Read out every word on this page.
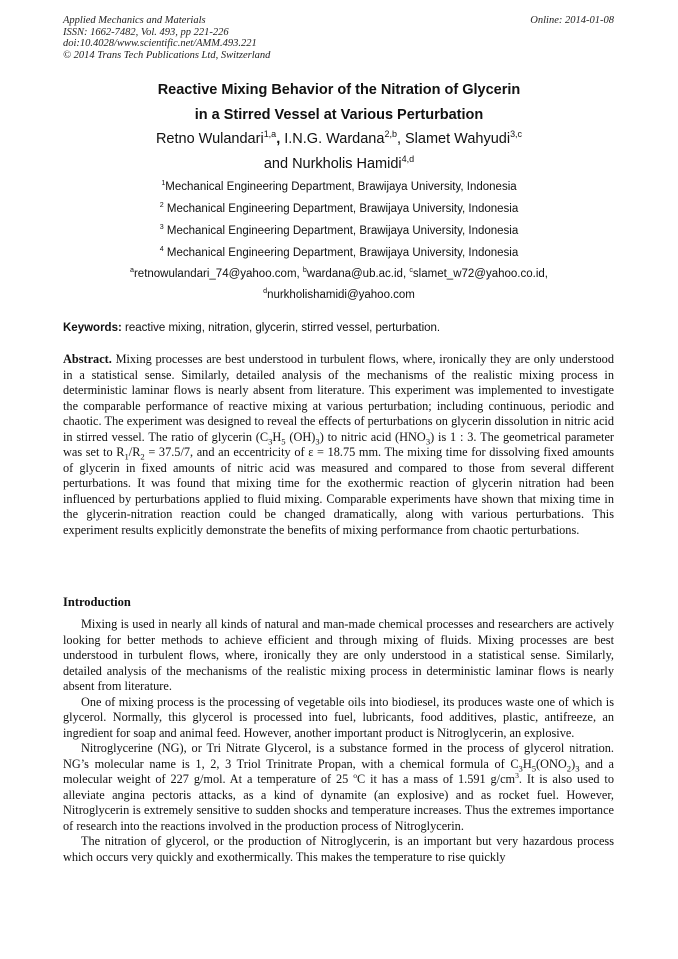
Applied Mechanics and Materials
ISSN: 1662-7482, Vol. 493, pp 221-226
doi:10.4028/www.scientific.net/AMM.493.221
© 2014 Trans Tech Publications Ltd, Switzerland
Online: 2014-01-08
Reactive Mixing Behavior of the Nitration of Glycerin
in a Stirred Vessel at Various Perturbation
Retno Wulandari$^{1,a}$, I.N.G. Wardana$^{2,b}$, Slamet Wahyudi$^{3,c}$
and Nurkholis Hamidi$^{4,d}$
$^1$Mechanical Engineering Department, Brawijaya University, Indonesia
$^2$ Mechanical Engineering Department, Brawijaya University, Indonesia
$^3$ Mechanical Engineering Department, Brawijaya University, Indonesia
$^4$ Mechanical Engineering Department, Brawijaya University, Indonesia
$^a$retnowulandari_74@yahoo.com, $^b$wardana@ub.ac.id, $^c$slamet_w72@yahoo.co.id,
$^d$nurkholishamidi@yahoo.com
Keywords: reactive mixing, nitration, glycerin, stirred vessel, perturbation.

Abstract. Mixing processes are best understood in turbulent flows, where, ironically they are only understood in a statistical sense. Similarly, detailed analysis of the mechanisms of the realistic mixing process in deterministic laminar flows is nearly absent from literature. This experiment was implemented to investigate the comparable performance of reactive mixing at various perturbation; including continuous, periodic and chaotic. The experiment was designed to reveal the effects of perturbations on glycerin dissolution in nitric acid in stirred vessel. The ratio of glycerin ($C_3H_5$ $(OH)_3$) to nitric acid $(HNO_3)$ is 1 : 3. The geometrical parameter was set to $R_1/R_2 = 37.5/7$, and an eccentricity of ε = 18.75 mm. The mixing time for dissolving fixed amounts of glycerin in fixed amounts of nitric acid was measured and compared to those from several different perturbations. It was found that mixing time for the exothermic reaction of glycerin nitration had been influenced by perturbations applied to fluid mixing. Comparable experiments have shown that mixing time in the glycerin-nitration reaction could be changed dramatically, along with various perturbations. This experiment results explicitly demonstrate the benefits of mixing performance from chaotic perturbations.

Introduction

Mixing is used in nearly all kinds of natural and man-made chemical processes and researchers are actively looking for better methods to achieve efficient and through mixing of fluids. Mixing processes are best understood in turbulent flows, where, ironically they are only understood in a statistical sense. Similarly, detailed analysis of the mechanisms of the realistic mixing process in deterministic laminar flows is nearly absent from literature.

One of mixing process is the processing of vegetable oils into biodiesel, its produces waste one of which is glycerol. Normally, this glycerol is processed into fuel, lubricants, food additives, plastic, antifreeze, an ingredient for soap and animal feed. However, another important product is Nitroglycerin, an explosive.

Nitroglycerine (NG), or Tri Nitrate Glycerol, is a substance formed in the process of glycerol nitration. NG’s molecular name is 1, 2, 3 Triol Trinitrate Propan, with a chemical formula of $C_3H_5(ONO_2)_3$ and a molecular weight of 227 g/mol. At a temperature of 25 $^o$C it has a mass of 1.591 $g/cm^3$. It is also used to alleviate angina pectoris attacks, as a kind of dynamite (an explosive) and as rocket fuel. However, Nitroglycerin is extremely sensitive to sudden shocks and temperature increases. Thus the extremes importance of research into the reactions involved in the production process of Nitroglycerin.

The nitration of glycerol, or the production of Nitroglycerin, is an important but very hazardous process which occurs very quickly and exothermically. This makes the temperature to rise quickly
